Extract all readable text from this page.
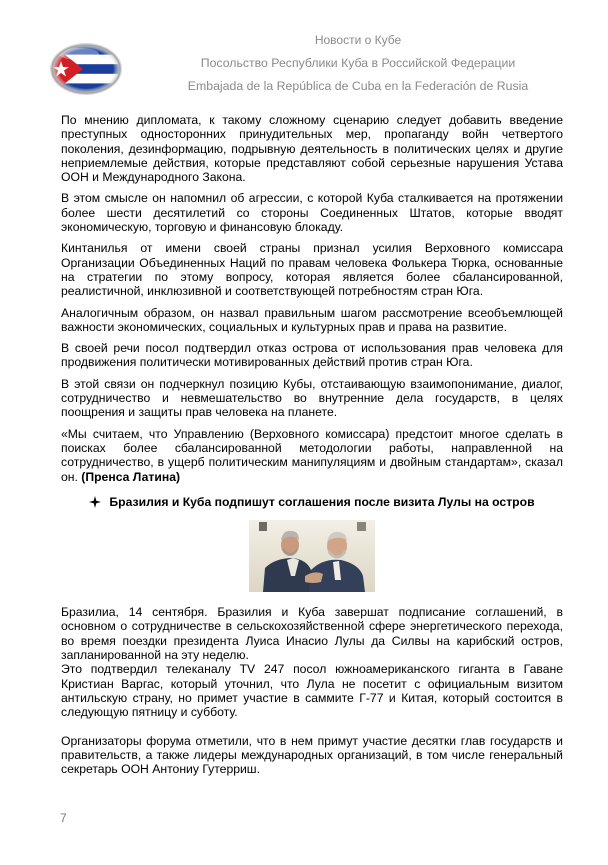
Новости о Кубе
Посольство Республики Куба в Российской Федерации
Embajada de la República de Cuba en la Federación de Rusia

По мнению дипломата, к такому сложному сценарию следует добавить введение преступных односторонних принудительных мер, пропаганду войн четвертого поколения, дезинформацию, подрывную деятельность в политических целях и другие неприемлемые действия, которые представляют собой серьезные нарушения Устава ООН и Международного Закона.

В этом смысле он напомнил об агрессии, с которой Куба сталкивается на протяжении более шести десятилетий со стороны Соединенных Штатов, которые вводят экономическую, торговую и финансовую блокаду.

Кинтанилья от имени своей страны признал усилия Верховного комиссара Организации Объединенных Наций по правам человека Фолькера Тюрка, основанные на стратегии по этому вопросу, которая является более сбалансированной, реалистичной, инклюзивной и соответствующей потребностям стран Юга.

Аналогичным образом, он назвал правильным шагом рассмотрение всеобъемлющей важности экономических, социальных и культурных прав и права на развитие.

В своей речи посол подтвердил отказ острова от использования прав человека для продвижения политически мотивированных действий против стран Юга.

В этой связи он подчеркнул позицию Кубы, отстаивающую взаимопонимание, диалог, сотрудничество и невмешательство во внутренние дела государств, в целях поощрения и защиты прав человека на планете.

«Мы считаем, что Управлению (Верховного комиссара) предстоит многое сделать в поисках более сбалансированной методологии работы, направленной на сотрудничество, в ущерб политическим манипуляциям и двойным стандартам», сказал он. (Пренса Латина)

Бразилия и Куба подпишут соглашения после визита Лулы на остров

Бразилиа, 14 сентября. Бразилия и Куба завершат подписание соглашений, в основном о сотрудничестве в сельскохозяйственной сфере энергетического перехода, во время поездки президента Луиса Инасио Лулы да Силвы на карибский остров, запланированной на эту неделю.

Это подтвердил телеканалу TV 247 посол южноамериканского гиганта в Гаване Кристиан Варгас, который уточнил, что Лула не посетит с официальным визитом антильскую страну, но примет участие в саммите Г-77 и Китая, который состоится в следующую пятницу и субботу.

Организаторы форума отметили, что в нем примут участие десятки глав государств и правительств, а также лидеры международных организаций, в том числе генеральный секретарь ООН Антониу Гутерриш.

7
